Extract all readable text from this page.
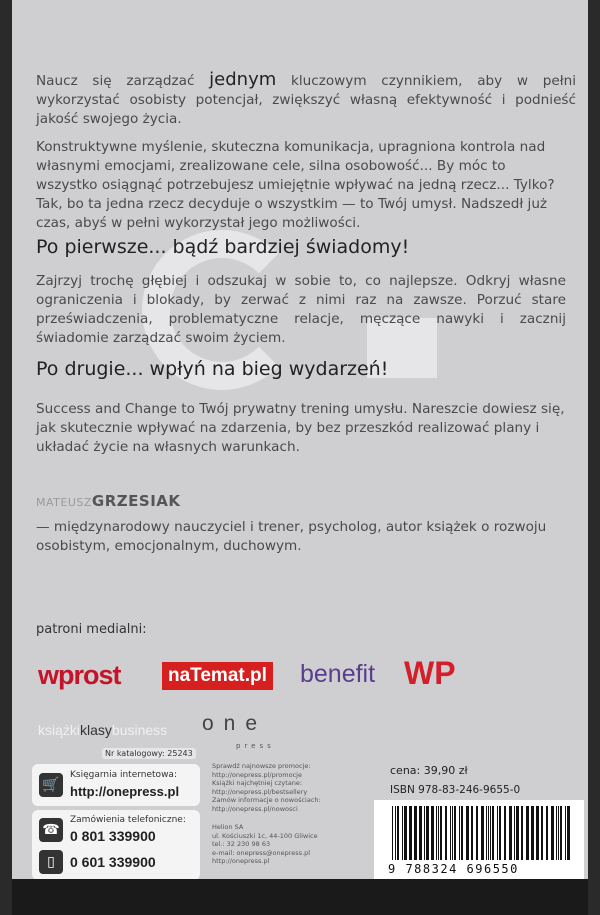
Naucz się zarządzać jednym kluczowym czynnikiem, aby w pełni wykorzystać osobisty potencjał, zwiększyć własną efektywność i podnieść jakość swojego życia.
Konstruktywne myślenie, skuteczna komunikacja, upragniona kontrola nad własnymi emocjami, zrealizowane cele, silna osobowość... By móc to wszystko osiągnąć potrzebujesz umiejętnie wpływać na jedną rzecz... Tylko? Tak, bo ta jedna rzecz decyduje o wszystkim — to Twój umysł. Nadszedł już czas, abyś w pełni wykorzystał jego możliwości.
Po pierwsze... bądź bardziej świadomy!
Zajrzyj trochę głębiej i odszukaj w sobie to, co najlepsze. Odkryj własne ograniczenia i blokady, by zerwać z nimi raz na zawsze. Porzuć stare przeświadczenia, problematyczne relacje, męczące nawyki i zacznij świadomie zarządzać swoim życiem.
Po drugie... wpłyń na bieg wydarzeń!
Success and Change to Twój prywatny trening umysłu. Nareszcie dowiesz się, jak skutecznie wpływać na zdarzenia, by bez przeszkód realizować plany i układać życie na własnych warunkach.
MATEUSZGRZESIAK
— międzynarodowy nauczyciel i trener, psycholog, autor książek o rozwoju osobistym, emocjonalnym, duchowym.
patroni medialni:
wprost	naTemat.pl benefit WP
książkiklasybusiness
Nr katalogowy: 25243
one
press
🛒
Księgarnia internetowa:
http://onepress.pl
☎
▯
Zamówienia telefoniczne:
0 801 339900
0 601 339900
Sprawdź najnowsze promocje:
http://onepress.pl/promocje
Książki najchętniej czytane:
http://onepress.pl/bestsellery
Zamów informacje o nowościach:
http://onepress.pl/nowosci
Helion SA
ul. Kościuszki 1c, 44-100 Gliwice
tel.: 32 230 98 63
e-mail: onepress@onepress.pl
http://onepress.pl
cena: 39,90 zł
ISBN 978-83-246-9655-0
9 788324 696550
